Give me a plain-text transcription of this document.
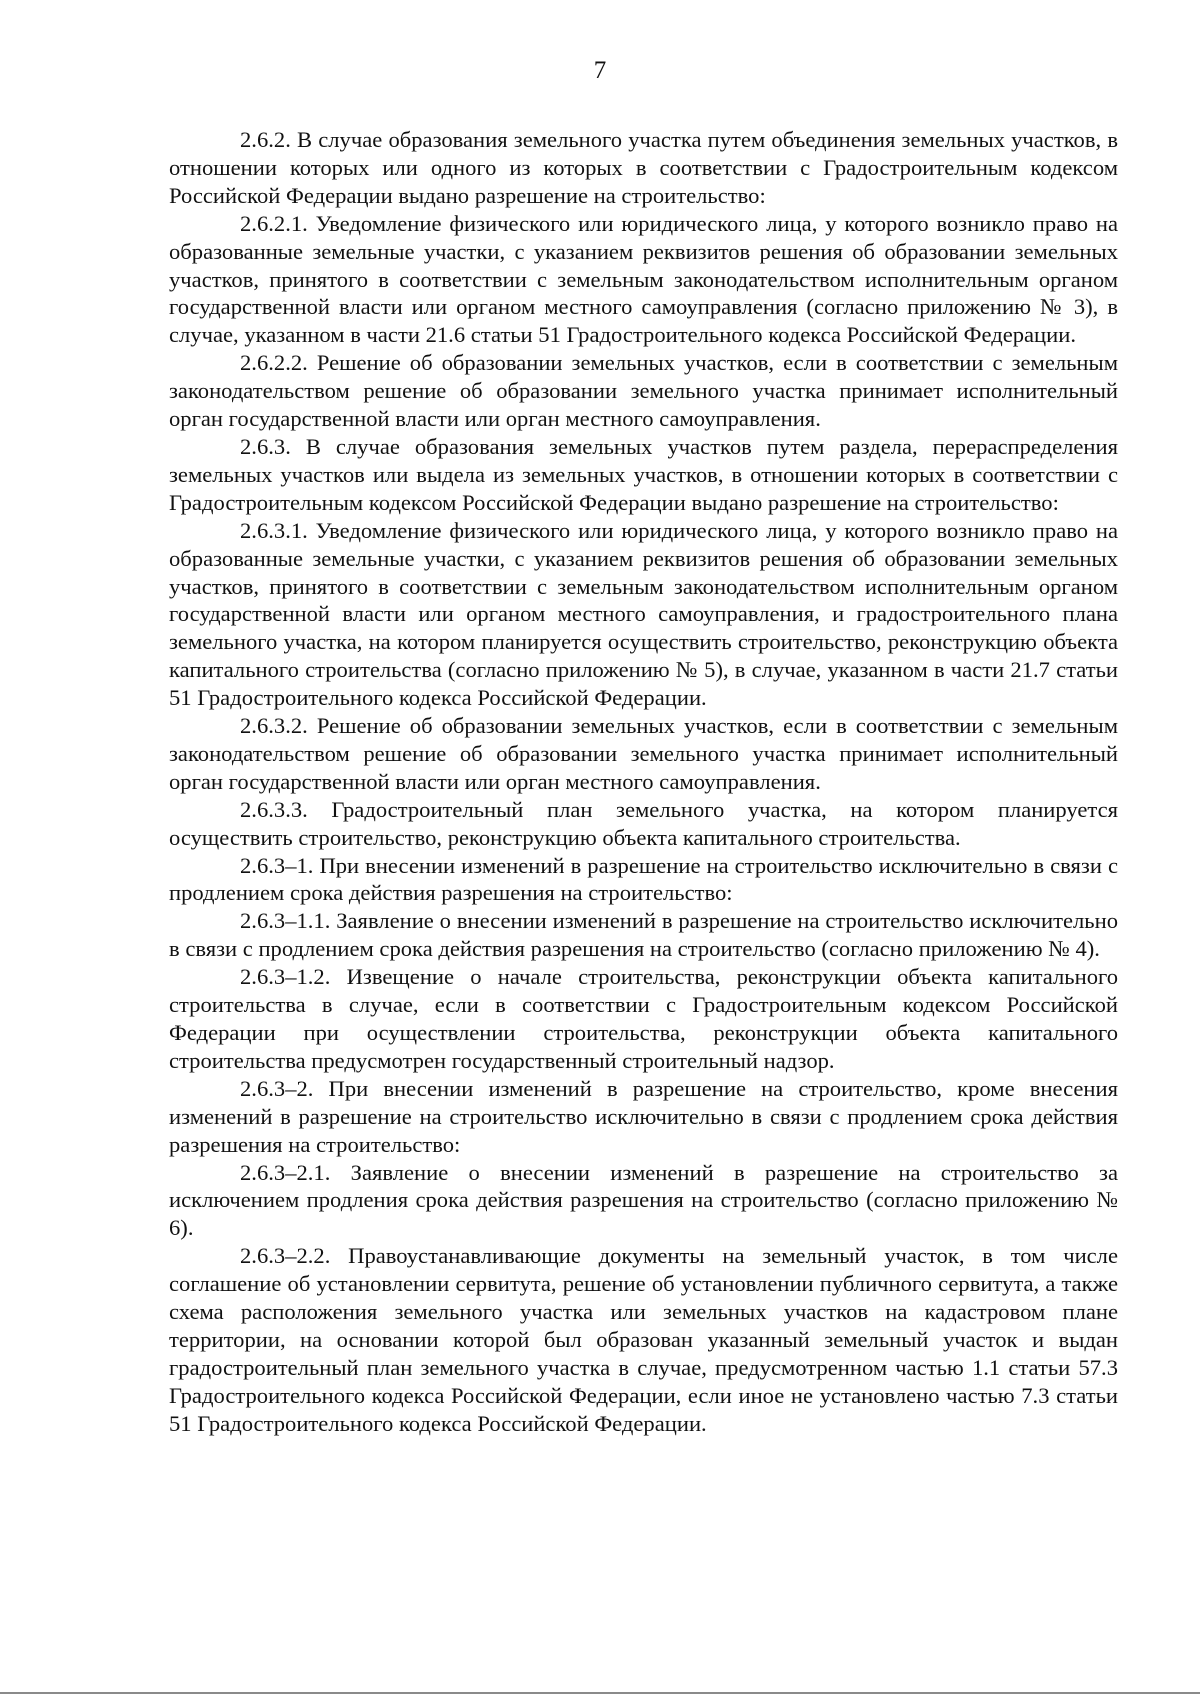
7

2.6.2. В случае образования земельного участка путем объединения земельных участков, в отношении которых или одного из которых в соответствии с Градостроительным кодексом Российской Федерации выдано разрешение на строительство:

2.6.2.1. Уведомление физического или юридического лица, у которого возникло право на образованные земельные участки, с указанием реквизитов решения об образовании земельных участков, принятого в соответствии с земельным законодательством исполнительным органом государственной власти или органом местного самоуправления (согласно приложению № 3), в случае, указанном в части 21.6 статьи 51 Градостроительного кодекса Российской Федерации.

2.6.2.2. Решение об образовании земельных участков, если в соответствии с земельным законодательством решение об образовании земельного участка принимает исполнительный орган государственной власти или орган местного самоуправления.

2.6.3. В случае образования земельных участков путем раздела, перераспределения земельных участков или выдела из земельных участков, в отношении которых в соответствии с Градостроительным кодексом Российской Федерации выдано разрешение на строительство:

2.6.3.1. Уведомление физического или юридического лица, у которого возникло право на образованные земельные участки, с указанием реквизитов решения об образовании земельных участков, принятого в соответствии с земельным законодательством исполнительным органом государственной власти или органом местного самоуправления, и градостроительного плана земельного участка, на котором планируется осуществить строительство, реконструкцию объекта капитального строительства (согласно приложению № 5), в случае, указанном в части 21.7 статьи 51 Градостроительного кодекса Российской Федерации.

2.6.3.2. Решение об образовании земельных участков, если в соответствии с земельным законодательством решение об образовании земельного участка принимает исполнительный орган государственной власти или орган местного самоуправления.

2.6.3.3. Градостроительный план земельного участка, на котором планируется осуществить строительство, реконструкцию объекта капитального строительства.

2.6.3–1. При внесении изменений в разрешение на строительство исключительно в связи с продлением срока действия разрешения на строительство:

2.6.3–1.1. Заявление о внесении изменений в разрешение на строительство исключительно в связи с продлением срока действия разрешения на строительство (согласно приложению № 4).

2.6.3–1.2. Извещение о начале строительства, реконструкции объекта капитального строительства в случае, если в соответствии с Градостроительным кодексом Российской Федерации при осуществлении строительства, реконструкции объекта капитального строительства предусмотрен государственный строительный надзор.

2.6.3–2. При внесении изменений в разрешение на строительство, кроме внесения изменений в разрешение на строительство исключительно в связи с продлением срока действия разрешения на строительство:

2.6.3–2.1. Заявление о внесении изменений в разрешение на строительство за исключением продления срока действия разрешения на строительство (согласно приложению № 6).

2.6.3–2.2. Правоустанавливающие документы на земельный участок, в том числе соглашение об установлении сервитута, решение об установлении публичного сервитута, а также схема расположения земельного участка или земельных участков на кадастровом плане территории, на основании которой был образован указанный земельный участок и выдан градостроительный план земельного участка в случае, предусмотренном частью 1.1 статьи 57.3 Градостроительного кодекса Российской Федерации, если иное не установлено частью 7.3 статьи 51 Градостроительного кодекса Российской Федерации.
